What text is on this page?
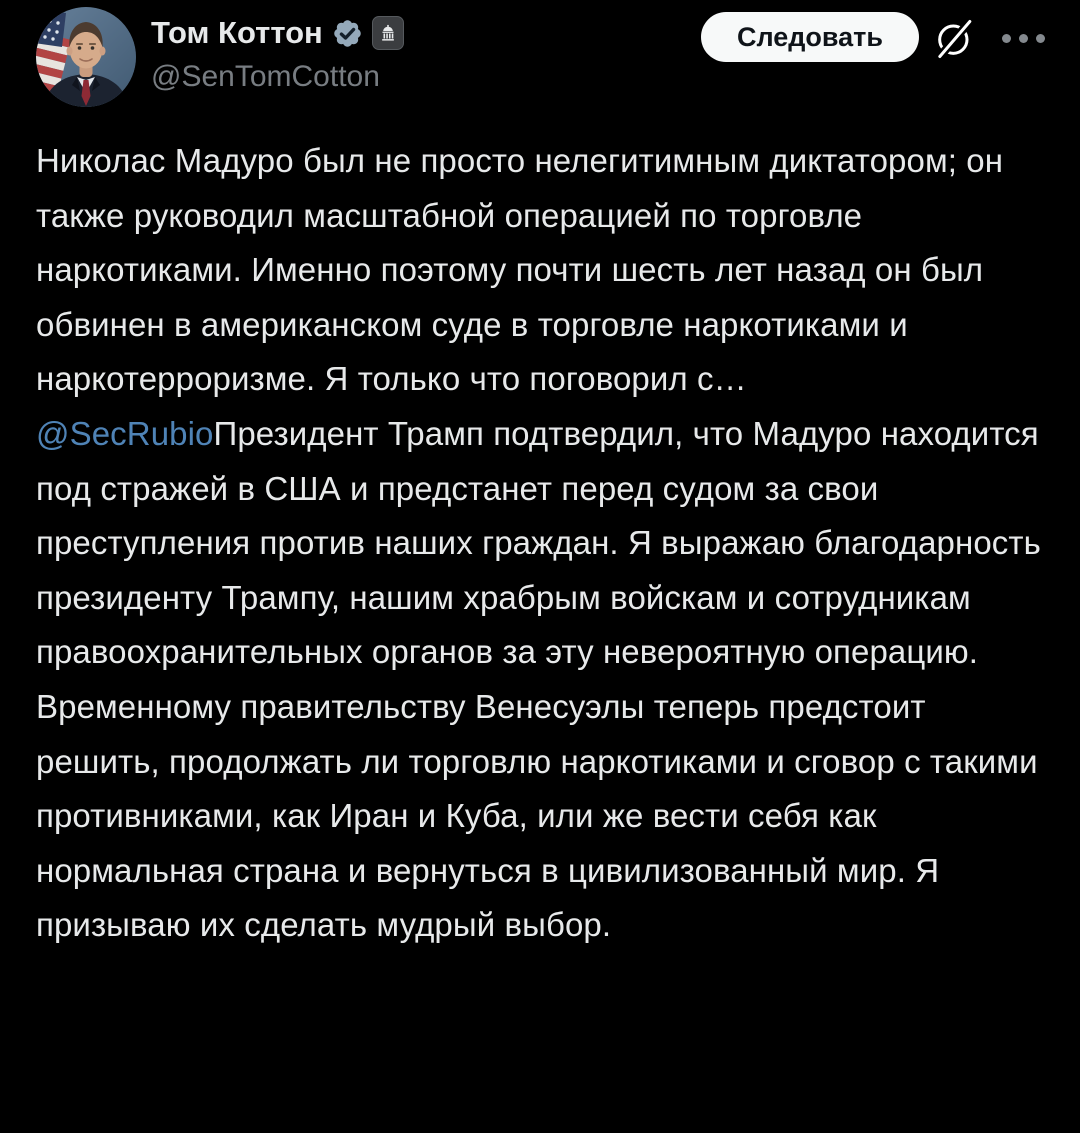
Том Коттон
@SenTomCotton
Следовать
Николас Мадуро был не просто нелегитимным диктатором; он также руководил масштабной операцией по торговле наркотиками. Именно поэтому почти шесть лет назад он был обвинен в американском суде в торговле наркотиками и наркотерроризме. Я только что поговорил с…@SecRubioПрезидент Трамп подтвердил, что Мадуро находится под стражей в США и предстанет перед судом за свои преступления против наших граждан. Я выражаю благодарность президенту Трампу, нашим храбрым войскам и сотрудникам правоохранительных органов за эту невероятную операцию. Временному правительству Венесуэлы теперь предстоит решить, продолжать ли торговлю наркотиками и сговор с такими противниками, как Иран и Куба, или же вести себя как нормальная страна и вернуться в цивилизованный мир. Я призываю их сделать мудрый выбор.
